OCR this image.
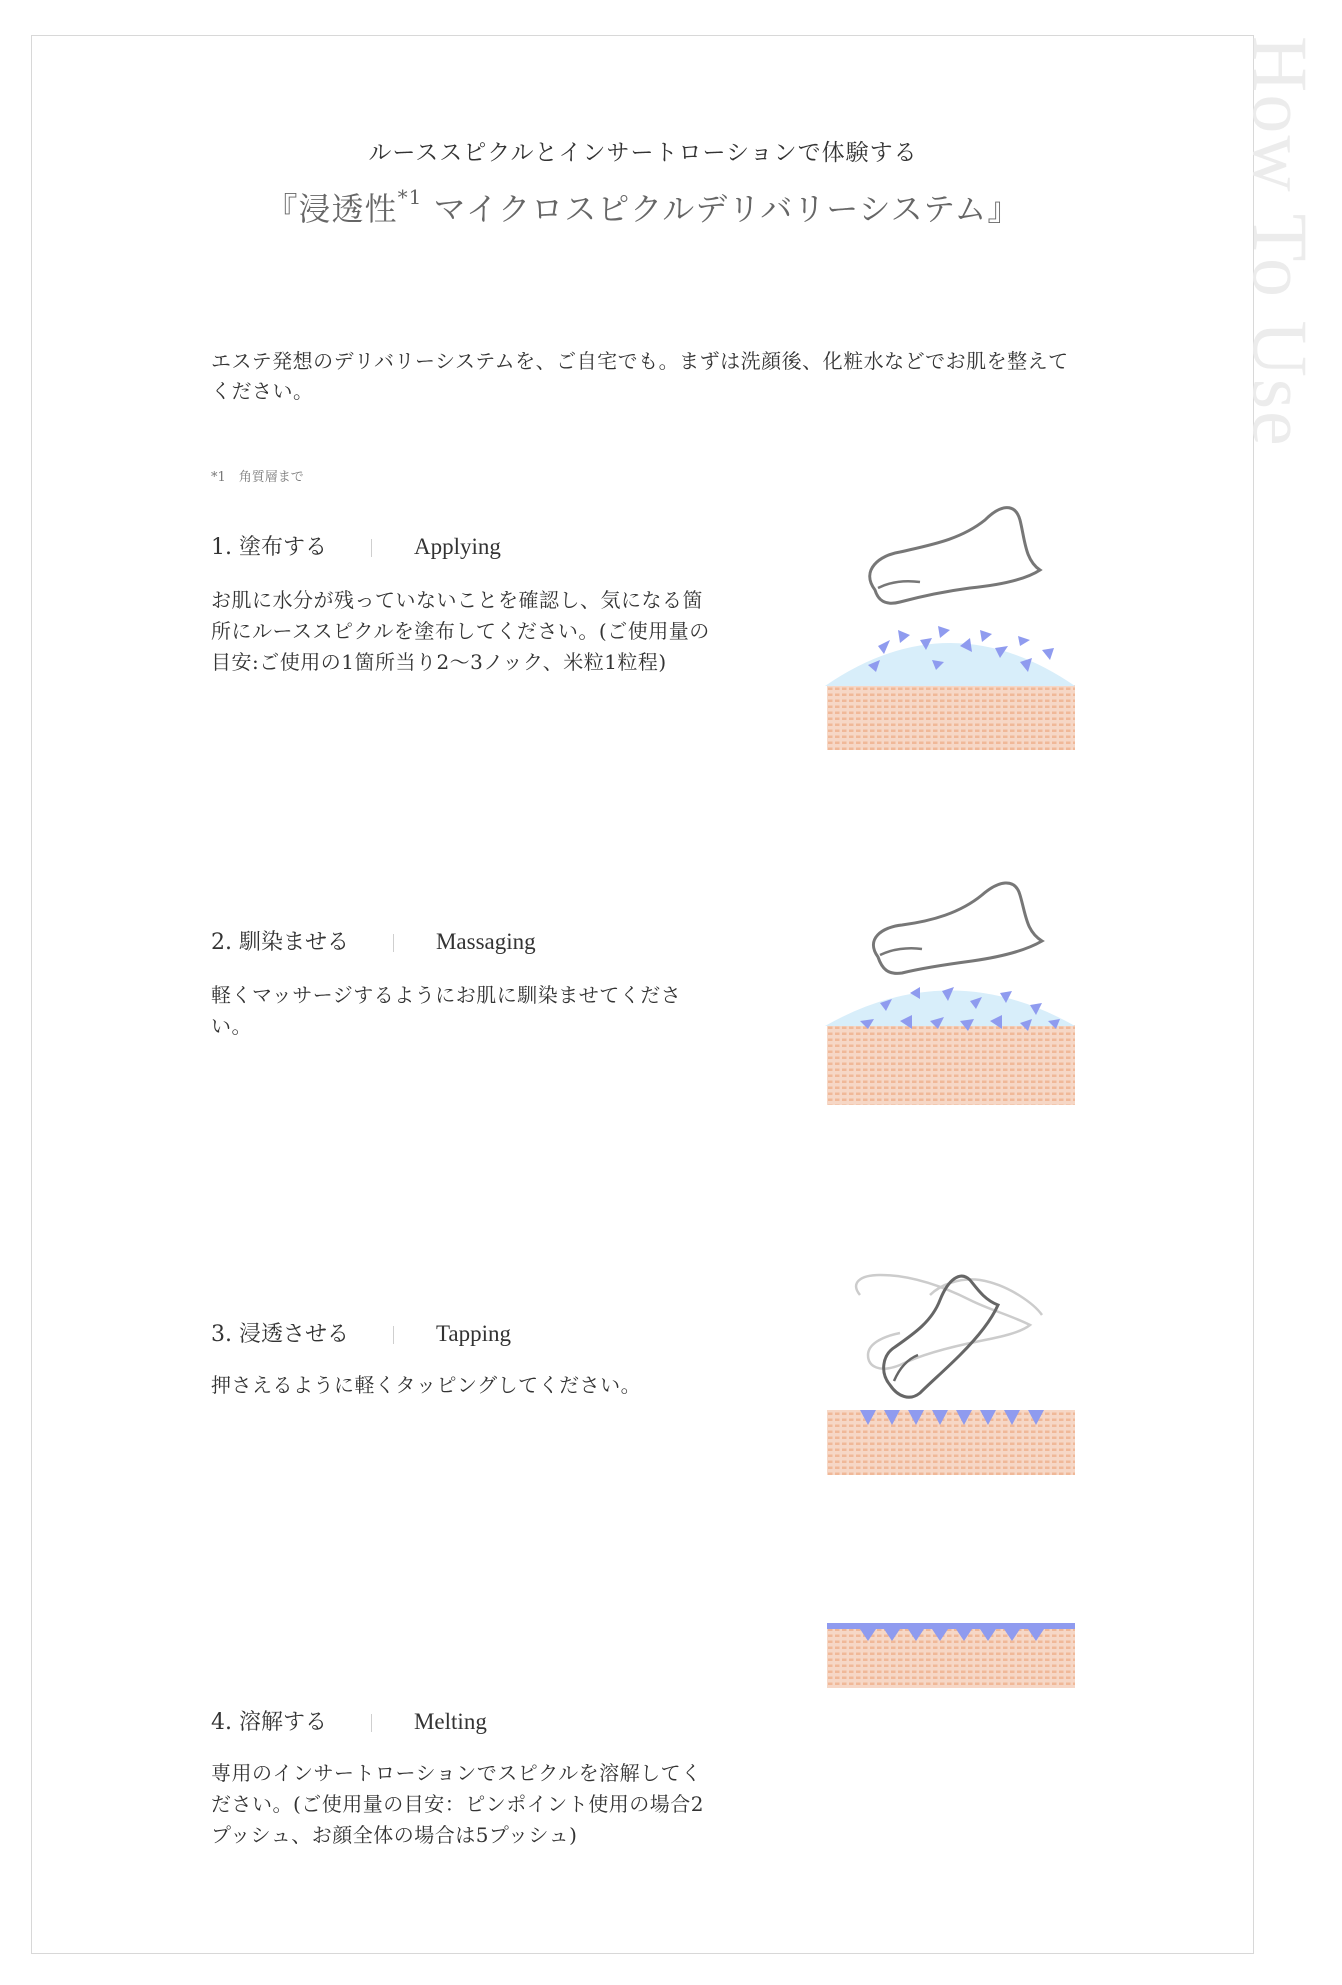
How To Use
ルーススピクルとインサートローションで体験する
『浸透性$^{*1}$ マイクロスピクルデリバリーシステム』
エステ発想のデリバリーシステムを、ご自宅でも。まずは洗顔後、化粧水などでお肌を整えてください。
*1　角質層まで
1. 塗布する	Applying
お肌に水分が残っていないことを確認し、気になる箇所にルーススピクルを塗布してください。(ご使用量の目安:ご使用の1箇所当り2〜3ノック、米粒1粒程)
2. 馴染ませる	Massaging
軽くマッサージするようにお肌に馴染ませてください。
3. 浸透させる	Tapping
押さえるように軽くタッピングしてください。
4. 溶解する	Melting
専用のインサートローションでスピクルを溶解してください。(ご使用量の目安：ピンポイント使用の場合2プッシュ、お顔全体の場合は5プッシュ)
